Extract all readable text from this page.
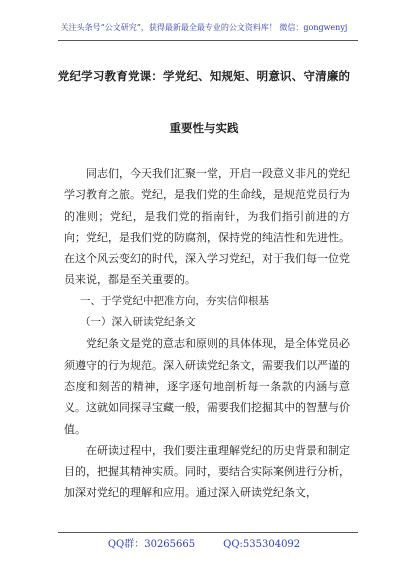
关注头条号“公文研究”，获得最新最全最专业的公文资料库！ 微信：gongwenyj
党纪学习教育党课：学党纪、知规矩、明意识、守清廉的
重要性与实践

同志们，今天我们汇聚一堂，开启一段意义非凡的党纪学习教育之旅。党纪，是我们党的生命线，是规范党员行为的准则；党纪，是我们党的指南针，为我们指引前进的方向；党纪，是我们党的防腐剂，保持党的纯洁性和先进性。在这个风云变幻的时代，深入学习党纪，对于我们每一位党员来说，都是至关重要的。

一、于学党纪中把准方向，夯实信仰根基

（一）深入研读党纪条文

党纪条文是党的意志和原则的具体体现，是全体党员必须遵守的行为规范。深入研读党纪条文，需要我们以严谨的态度和刻苦的精神，逐字逐句地剖析每一条款的内涵与意义。这就如同探寻宝藏一般，需要我们挖掘其中的智慧与价值。

在研读过程中，我们要注重理解党纪的历史背景和制定目的，把握其精神实质。同时，要结合实际案例进行分析，加深对党纪的理解和应用。通过深入研读党纪条文，

QQ群：30265665	QQ:535304092
